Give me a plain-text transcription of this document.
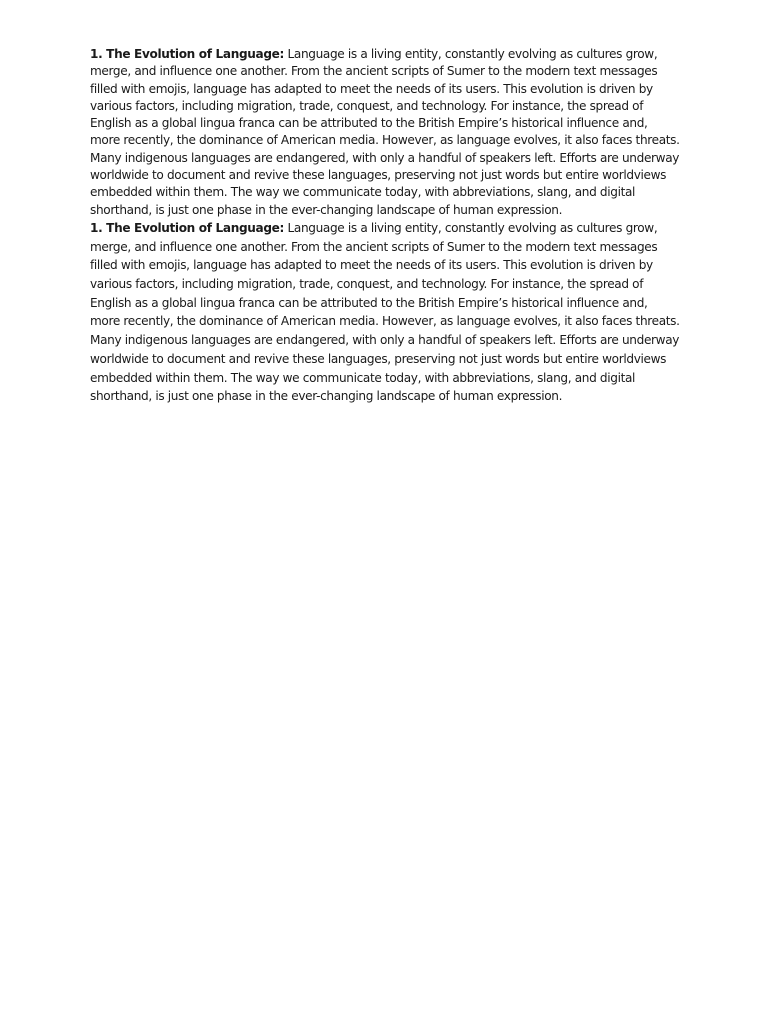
1. The Evolution of Language: Language is a living entity, constantly evolving as cultures grow, merge, and influence one another. From the ancient scripts of Sumer to the modern text messages filled with emojis, language has adapted to meet the needs of its users. This evolution is driven by various factors, including migration, trade, conquest, and technology. For instance, the spread of English as a global lingua franca can be attributed to the British Empire’s historical influence and, more recently, the dominance of American media. However, as language evolves, it also faces threats. Many indigenous languages are endangered, with only a handful of speakers left. Efforts are underway worldwide to document and revive these languages, preserving not just words but entire worldviews embedded within them. The way we communicate today, with abbreviations, slang, and digital shorthand, is just one phase in the ever-changing landscape of human expression.

1. The Evolution of Language: Language is a living entity, constantly evolving as cultures grow, merge, and influence one another. From the ancient scripts of Sumer to the modern text messages filled with emojis, language has adapted to meet the needs of its users. This evolution is driven by various factors, including migration, trade, conquest, and technology. For instance, the spread of English as a global lingua franca can be attributed to the British Empire’s historical influence and, more recently, the dominance of American media. However, as language evolves, it also faces threats. Many indigenous languages are endangered, with only a handful of speakers left. Efforts are underway worldwide to document and revive these languages, preserving not just words but entire worldviews embedded within them. The way we communicate today, with abbreviations, slang, and digital shorthand, is just one phase in the ever-changing landscape of human expression.
